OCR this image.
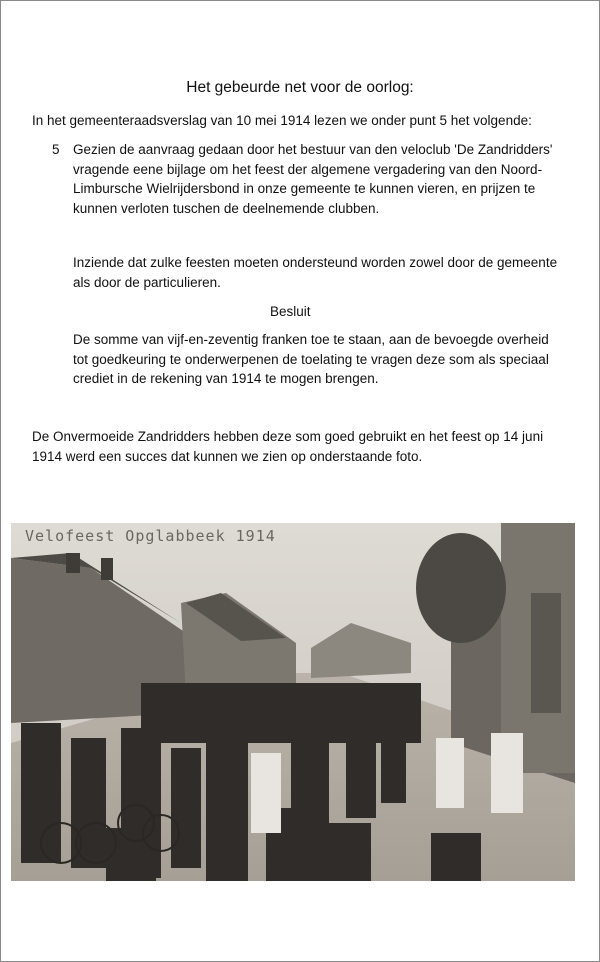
Het gebeurde net voor de oorlog:
In het gemeenteraadsverslag van 10 mei 1914 lezen we onder punt 5 het volgende:
5 Gezien de aanvraag gedaan door het bestuur van den veloclub 'De Zandridders' vragende eene bijlage om het feest der algemene vergadering van den Noord-Limbursche Wielrijdersbond in onze gemeente te kunnen vieren, en prijzen te kunnen verloten tuschen de deelnemende clubben.
Inziende dat zulke feesten moeten ondersteund worden zowel door de gemeente als door de particulieren.
Besluit
De somme van vijf-en-zeventig franken toe te staan, aan de bevoegde overheid tot goedkeuring te onderwerpenen de toelating te vragen deze som als speciaal crediet in de rekening van 1914 te mogen brengen.
De Onvermoeide Zandridders hebben deze som goed gebruikt en het feest op 14 juni 1914 werd een succes dat kunnen we zien op onderstaande foto.
Velofeest Opglabbeek 1914
